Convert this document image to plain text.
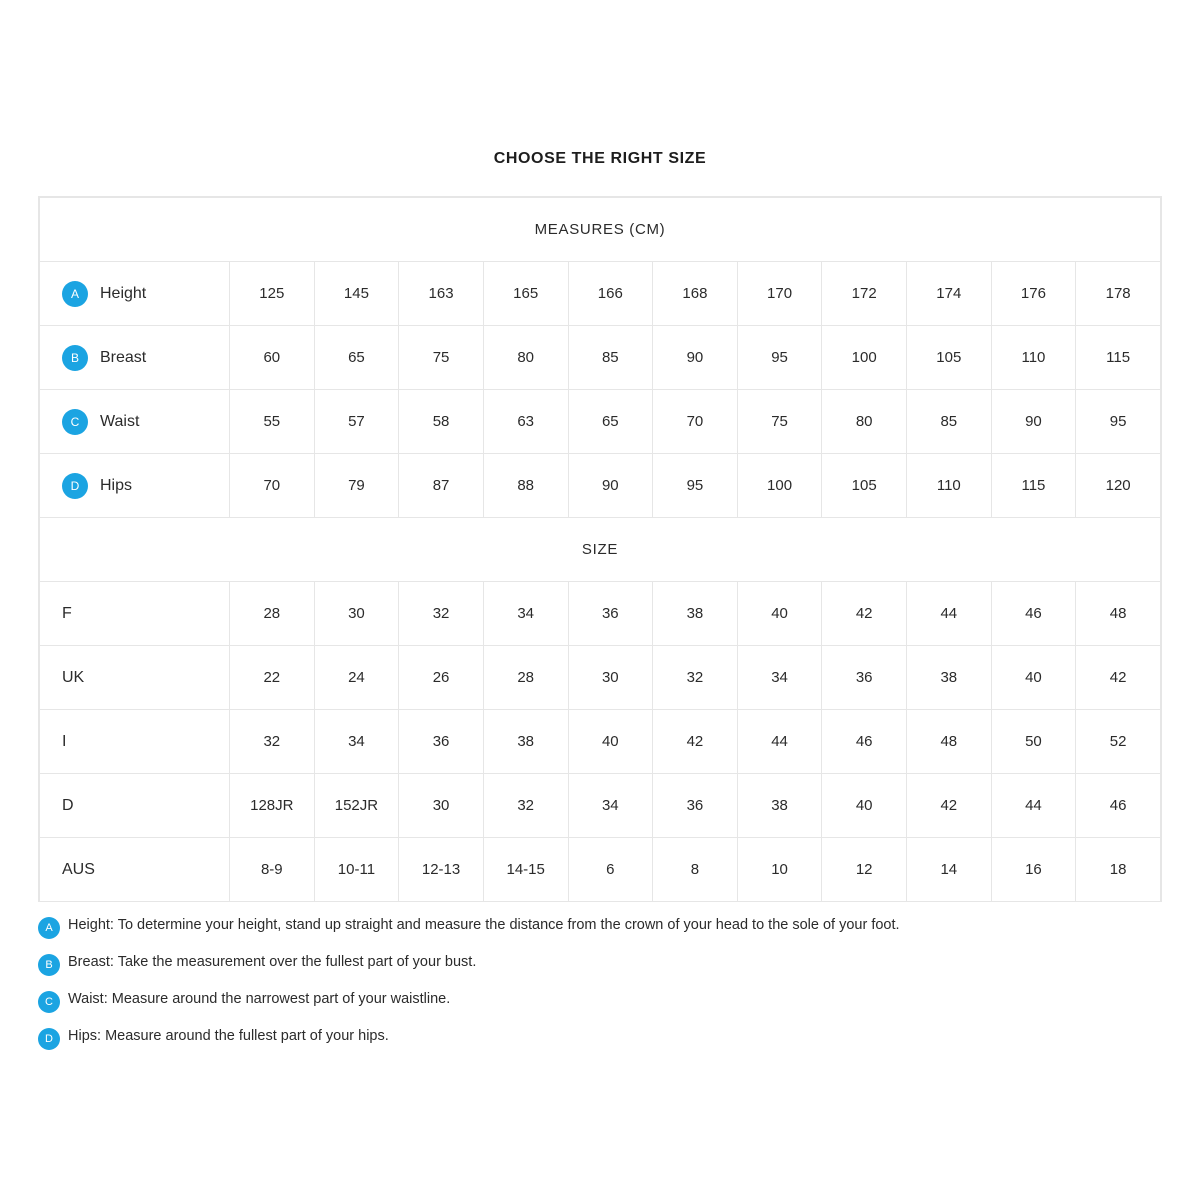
CHOOSE THE RIGHT SIZE
MEASURES (CM)											

A Height	125	145	163	165	166	168	170	172	174	176	178

B Breast	60	65	75	80	85	90	95	100	105	110	115

C Waist	55	57	58	63	65	70	75	80	85	90	95

D Hips	70	79	87	88	90	95	100	105	110	115	120
SIZE											
F	28	30	32	34	36	38	40	42	44	46	48
UK	22	24	26	28	30	32	34	36	38	40	42
I	32	34	36	38	40	42	44	46	48	50	52
D	128JR	152JR	30	32	34	36	38	40	42	44	46
AUS	8-9	10-11	12-13	14-15	6	8	10	12	14	16	18
A	Height: To determine your height, stand up straight and measure the distance from the crown of your head to the sole of your foot.
B	Breast: Take the measurement over the fullest part of your bust.
C	Waist: Measure around the narrowest part of your waistline.
D	Hips: Measure around the fullest part of your hips.
